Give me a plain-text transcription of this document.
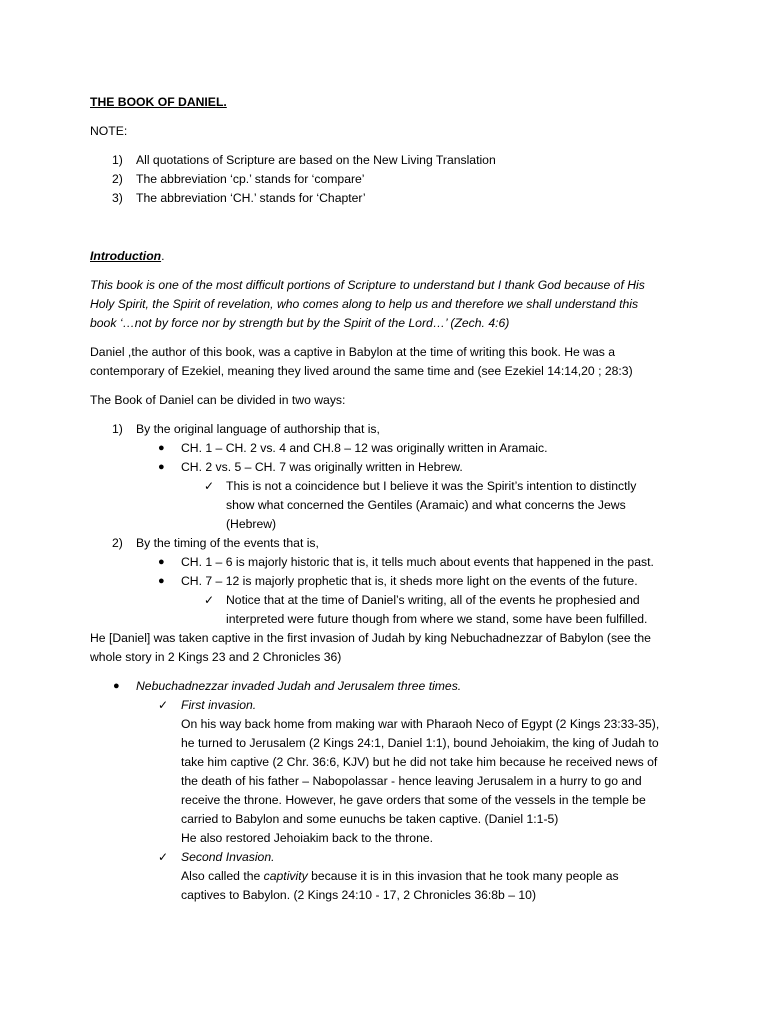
THE BOOK OF DANIEL.
NOTE:
1) All quotations of Scripture are based on the New Living Translation
2) The abbreviation ‘cp.’ stands for ‘compare’
3) The abbreviation ‘CH.’ stands for ‘Chapter’
Introduction.
This book is one of the most difficult portions of Scripture to understand but I thank God because of His
Holy Spirit, the Spirit of revelation, who comes along to help us and therefore we shall understand this
book ‘…not by force nor by strength but by the Spirit of the Lord…’ (Zech. 4:6)
Daniel ,the author of this book, was a captive in Babylon at the time of writing this book. He was a
contemporary of Ezekiel, meaning they lived around the same time and (see Ezekiel 14:14,20 ; 28:3)
The Book of Daniel can be divided in two ways:
1) By the original language of authorship that is,
● CH. 1 – CH. 2 vs. 4 and CH.8 – 12 was originally written in Aramaic.
● CH. 2 vs. 5 – CH. 7 was originally written in Hebrew.
✓ This is not a coincidence but I believe it was the Spirit’s intention to distinctly
show what concerned the Gentiles (Aramaic) and what concerns the Jews
(Hebrew)
2) By the timing of the events that is,
● CH. 1 – 6 is majorly historic that is, it tells much about events that happened in the past.
● CH. 7 – 12 is majorly prophetic that is, it sheds more light on the events of the future.
✓ Notice that at the time of Daniel’s writing, all of the events he prophesied and
interpreted were future though from where we stand, some have been fulfilled.
He [Daniel] was taken captive in the first invasion of Judah by king Nebuchadnezzar of Babylon (see the
whole story in 2 Kings 23 and 2 Chronicles 36)
● Nebuchadnezzar invaded Judah and Jerusalem three times.
✓ First invasion.
On his way back home from making war with Pharaoh Neco of Egypt (2 Kings 23:33-35),
he turned to Jerusalem (2 Kings 24:1, Daniel 1:1), bound Jehoiakim, the king of Judah to
take him captive (2 Chr. 36:6, KJV) but he did not take him because he received news of
the death of his father – Nabopolassar - hence leaving Jerusalem in a hurry to go and
receive the throne. However, he gave orders that some of the vessels in the temple be
carried to Babylon and some eunuchs be taken captive. (Daniel 1:1-5)
He also restored Jehoiakim back to the throne.
✓ Second Invasion.
Also called the captivity because it is in this invasion that he took many people as
captives to Babylon. (2 Kings 24:10 - 17, 2 Chronicles 36:8b – 10)
